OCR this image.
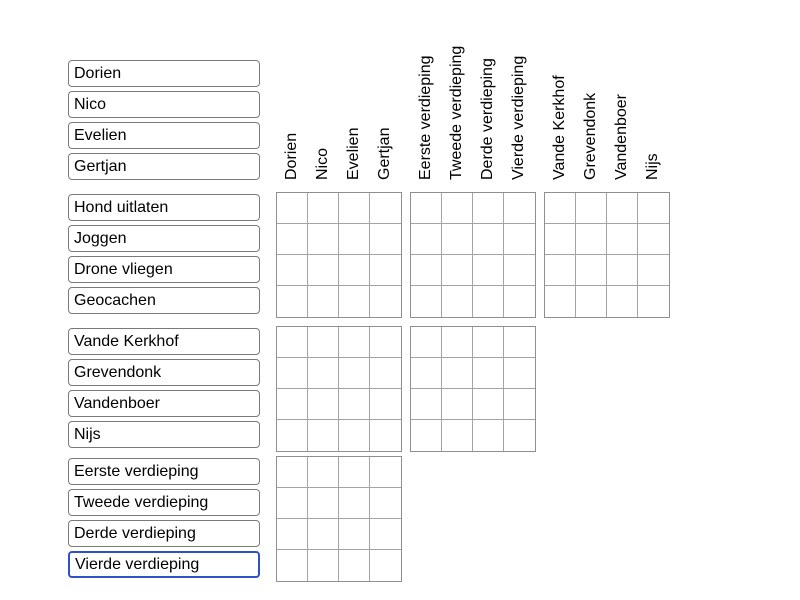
Dorien
Nico
Evelien
Gertjan
Hond uitlaten
Joggen
Drone vliegen
Geocachen
Vande Kerkhof
Grevendonk
Vandenboer
Nijs
Eerste verdieping
Tweede verdieping
Derde verdieping
Vierde verdieping
Dorien Nico Evelien Gertjan	Eerste verdieping Tweede verdieping Derde verdieping Vierde verdieping	Vande Kerkhof Grevendonk Vandenboer Nijs
